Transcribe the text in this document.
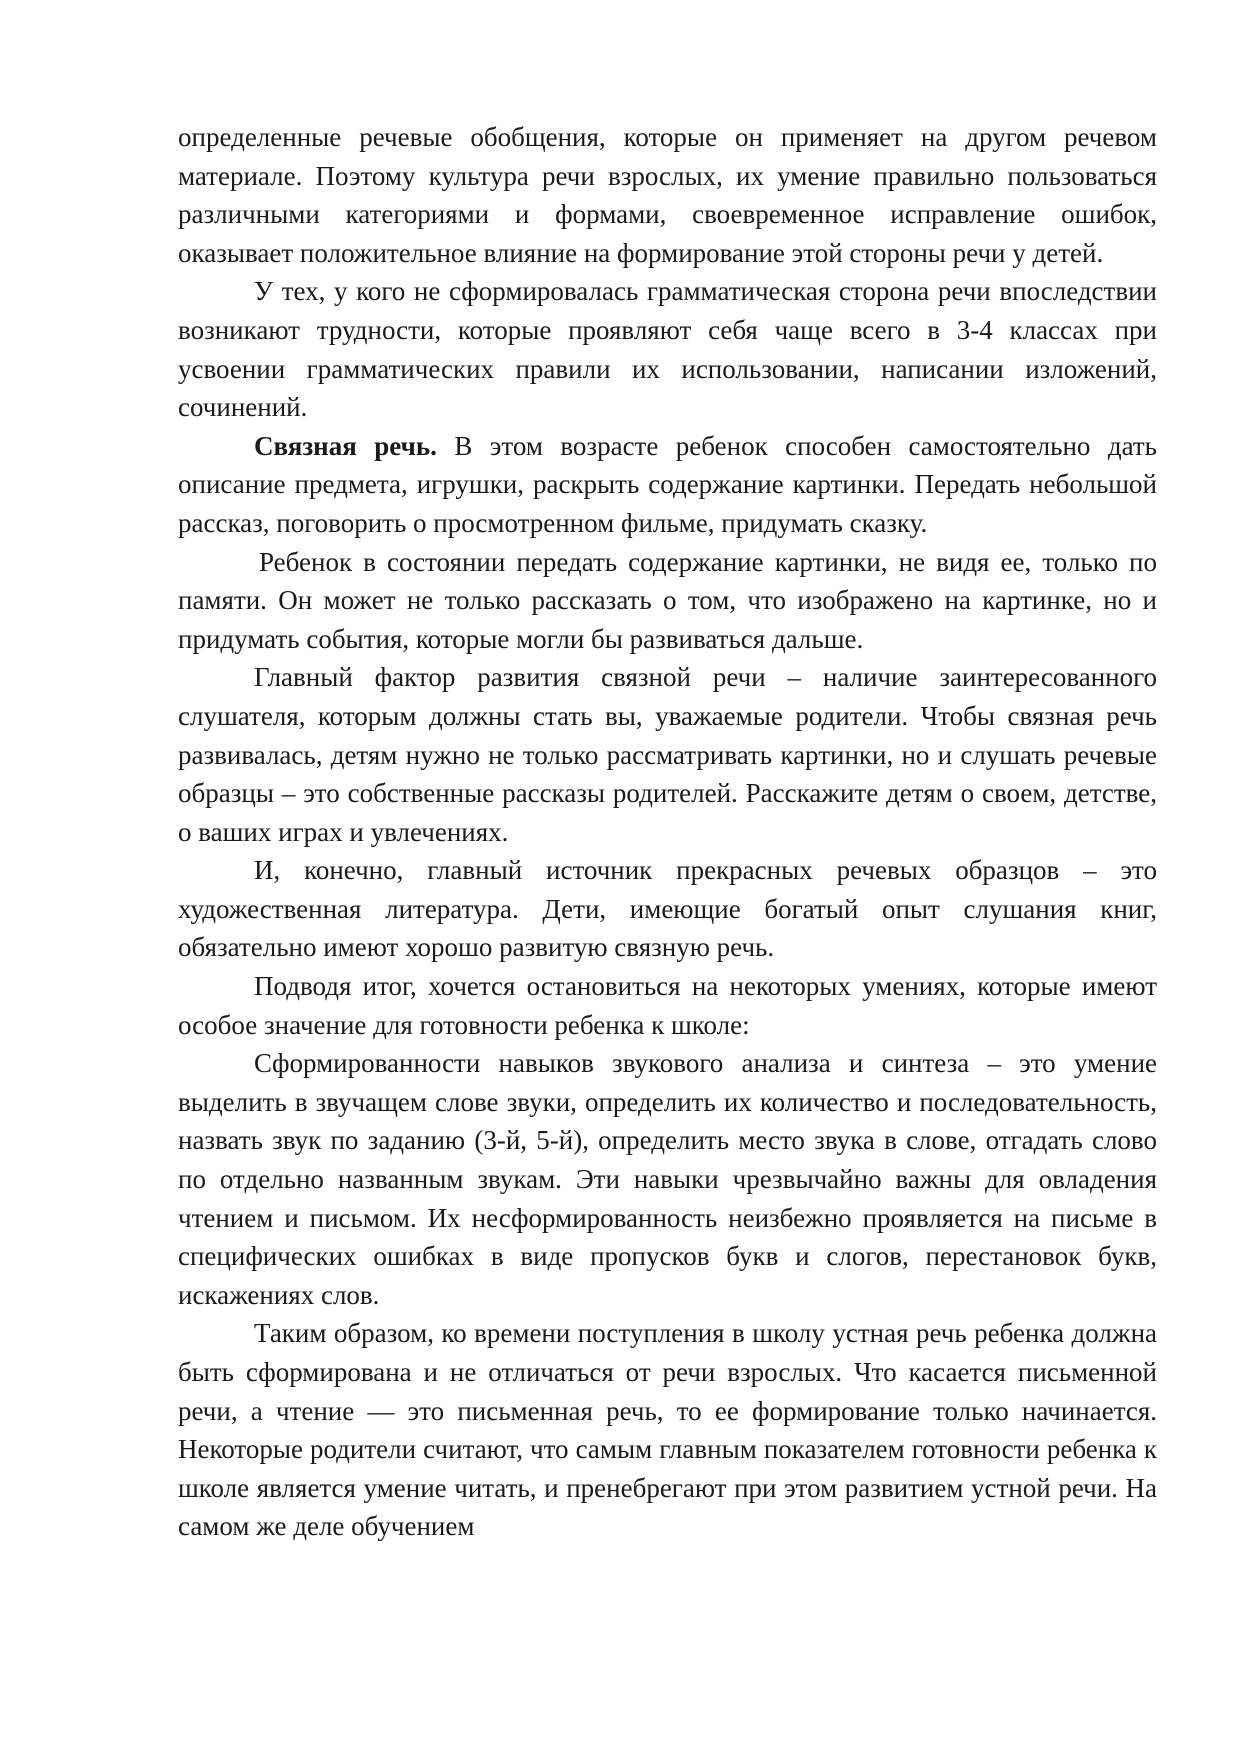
определенные речевые обобщения, которые он применяет на другом речевом материале. Поэтому культура речи взрослых, их умение правильно пользоваться различными категориями и формами, своевременное исправление ошибок, оказывает положительное влияние на формирование этой стороны речи у детей.

У тех, у кого не сформировалась грамматическая сторона речи впоследствии возникают трудности, которые проявляют себя чаще всего в 3-4 классах при усвоении грамматических правили их использовании, написании изложений, сочинений.

Связная речь. В этом возрасте ребенок способен самостоятельно дать описание предмета, игрушки, раскрыть содержание картинки. Передать небольшой рассказ, поговорить о просмотренном фильме, придумать сказку.

Ребенок в состоянии передать содержание картинки, не видя ее, только по памяти. Он может не только рассказать о том, что изображено на картинке, но и придумать события, которые могли бы развиваться дальше.

Главный фактор развития связной речи – наличие заинтересованного слушателя, которым должны стать вы, уважаемые родители. Чтобы связная речь развивалась, детям нужно не только рассматривать картинки, но и слушать речевые образцы – это собственные рассказы родителей. Расскажите детям о своем, детстве, о ваших играх и увлечениях.

И, конечно, главный источник прекрасных речевых образцов – это художественная литература. Дети, имеющие богатый опыт слушания книг, обязательно имеют хорошо развитую связную речь.

Подводя итог, хочется остановиться на некоторых умениях, которые имеют особое значение для готовности ребенка к школе:

Сформированности навыков звукового анализа и синтеза – это умение выделить в звучащем слове звуки, определить их количество и последовательность, назвать звук по заданию (3-й, 5-й), определить место звука в слове, отгадать слово по отдельно названным звукам. Эти навыки чрезвычайно важны для овладения чтением и письмом. Их несформированность неизбежно проявляется на письме в специфических ошибках в виде пропусков букв и слогов, перестановок букв, искажениях слов.

Таким образом, ко времени поступления в школу устная речь ребенка должна быть сформирована и не отличаться от речи взрослых. Что касается письменной речи, а чтение — это письменная речь, то ее формирование только начинается. Некоторые родители считают, что самым главным показателем готовности ребенка к школе является умение читать, и пренебрегают при этом развитием устной речи. На самом же деле обучением
